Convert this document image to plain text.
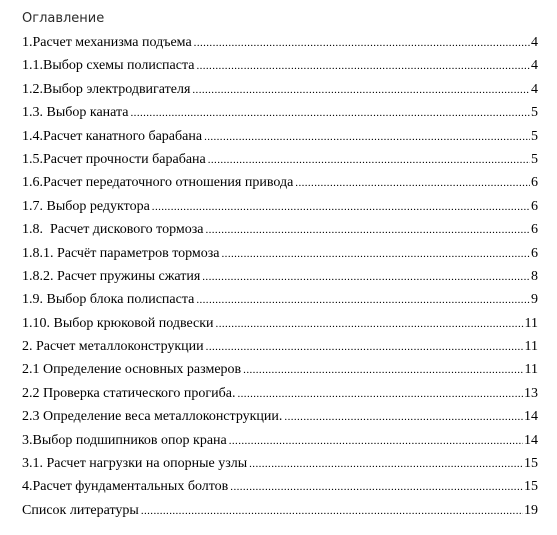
Оглавление
1.Расчет механизма подъема .....	4
1.1.Выбор схемы полиспаста .....	4
1.2.Выбор электродвигателя .....	4
1.3. Выбор каната .....	5
1.4.Расчет канатного барабана .....	5
1.5.Расчет прочности барабана .....	5
1.6.Расчет передаточного отношения привода .....	6
1.7. Выбор редуктора .....	6
1.8.  Расчет дискового тормоза .....	6
1.8.1. Расчёт параметров тормоза .....	6
1.8.2. Расчет пружины сжатия .....	8
1.9. Выбор блока полиспаста .....	9
1.10. Выбор крюковой подвески .....	11
2. Расчет металлоконструкции .....	11
2.1 Определение основных размеров .....	11
2.2 Проверка статического прогиба. .....	13
2.3 Определение веса металлоконструкции. .....	14
3.Выбор подшипников опор крана .....	14
3.1. Расчет нагрузки на опорные узлы .....	15
4.Расчет фундаментальных болтов .....	15
Список литературы .....	19
